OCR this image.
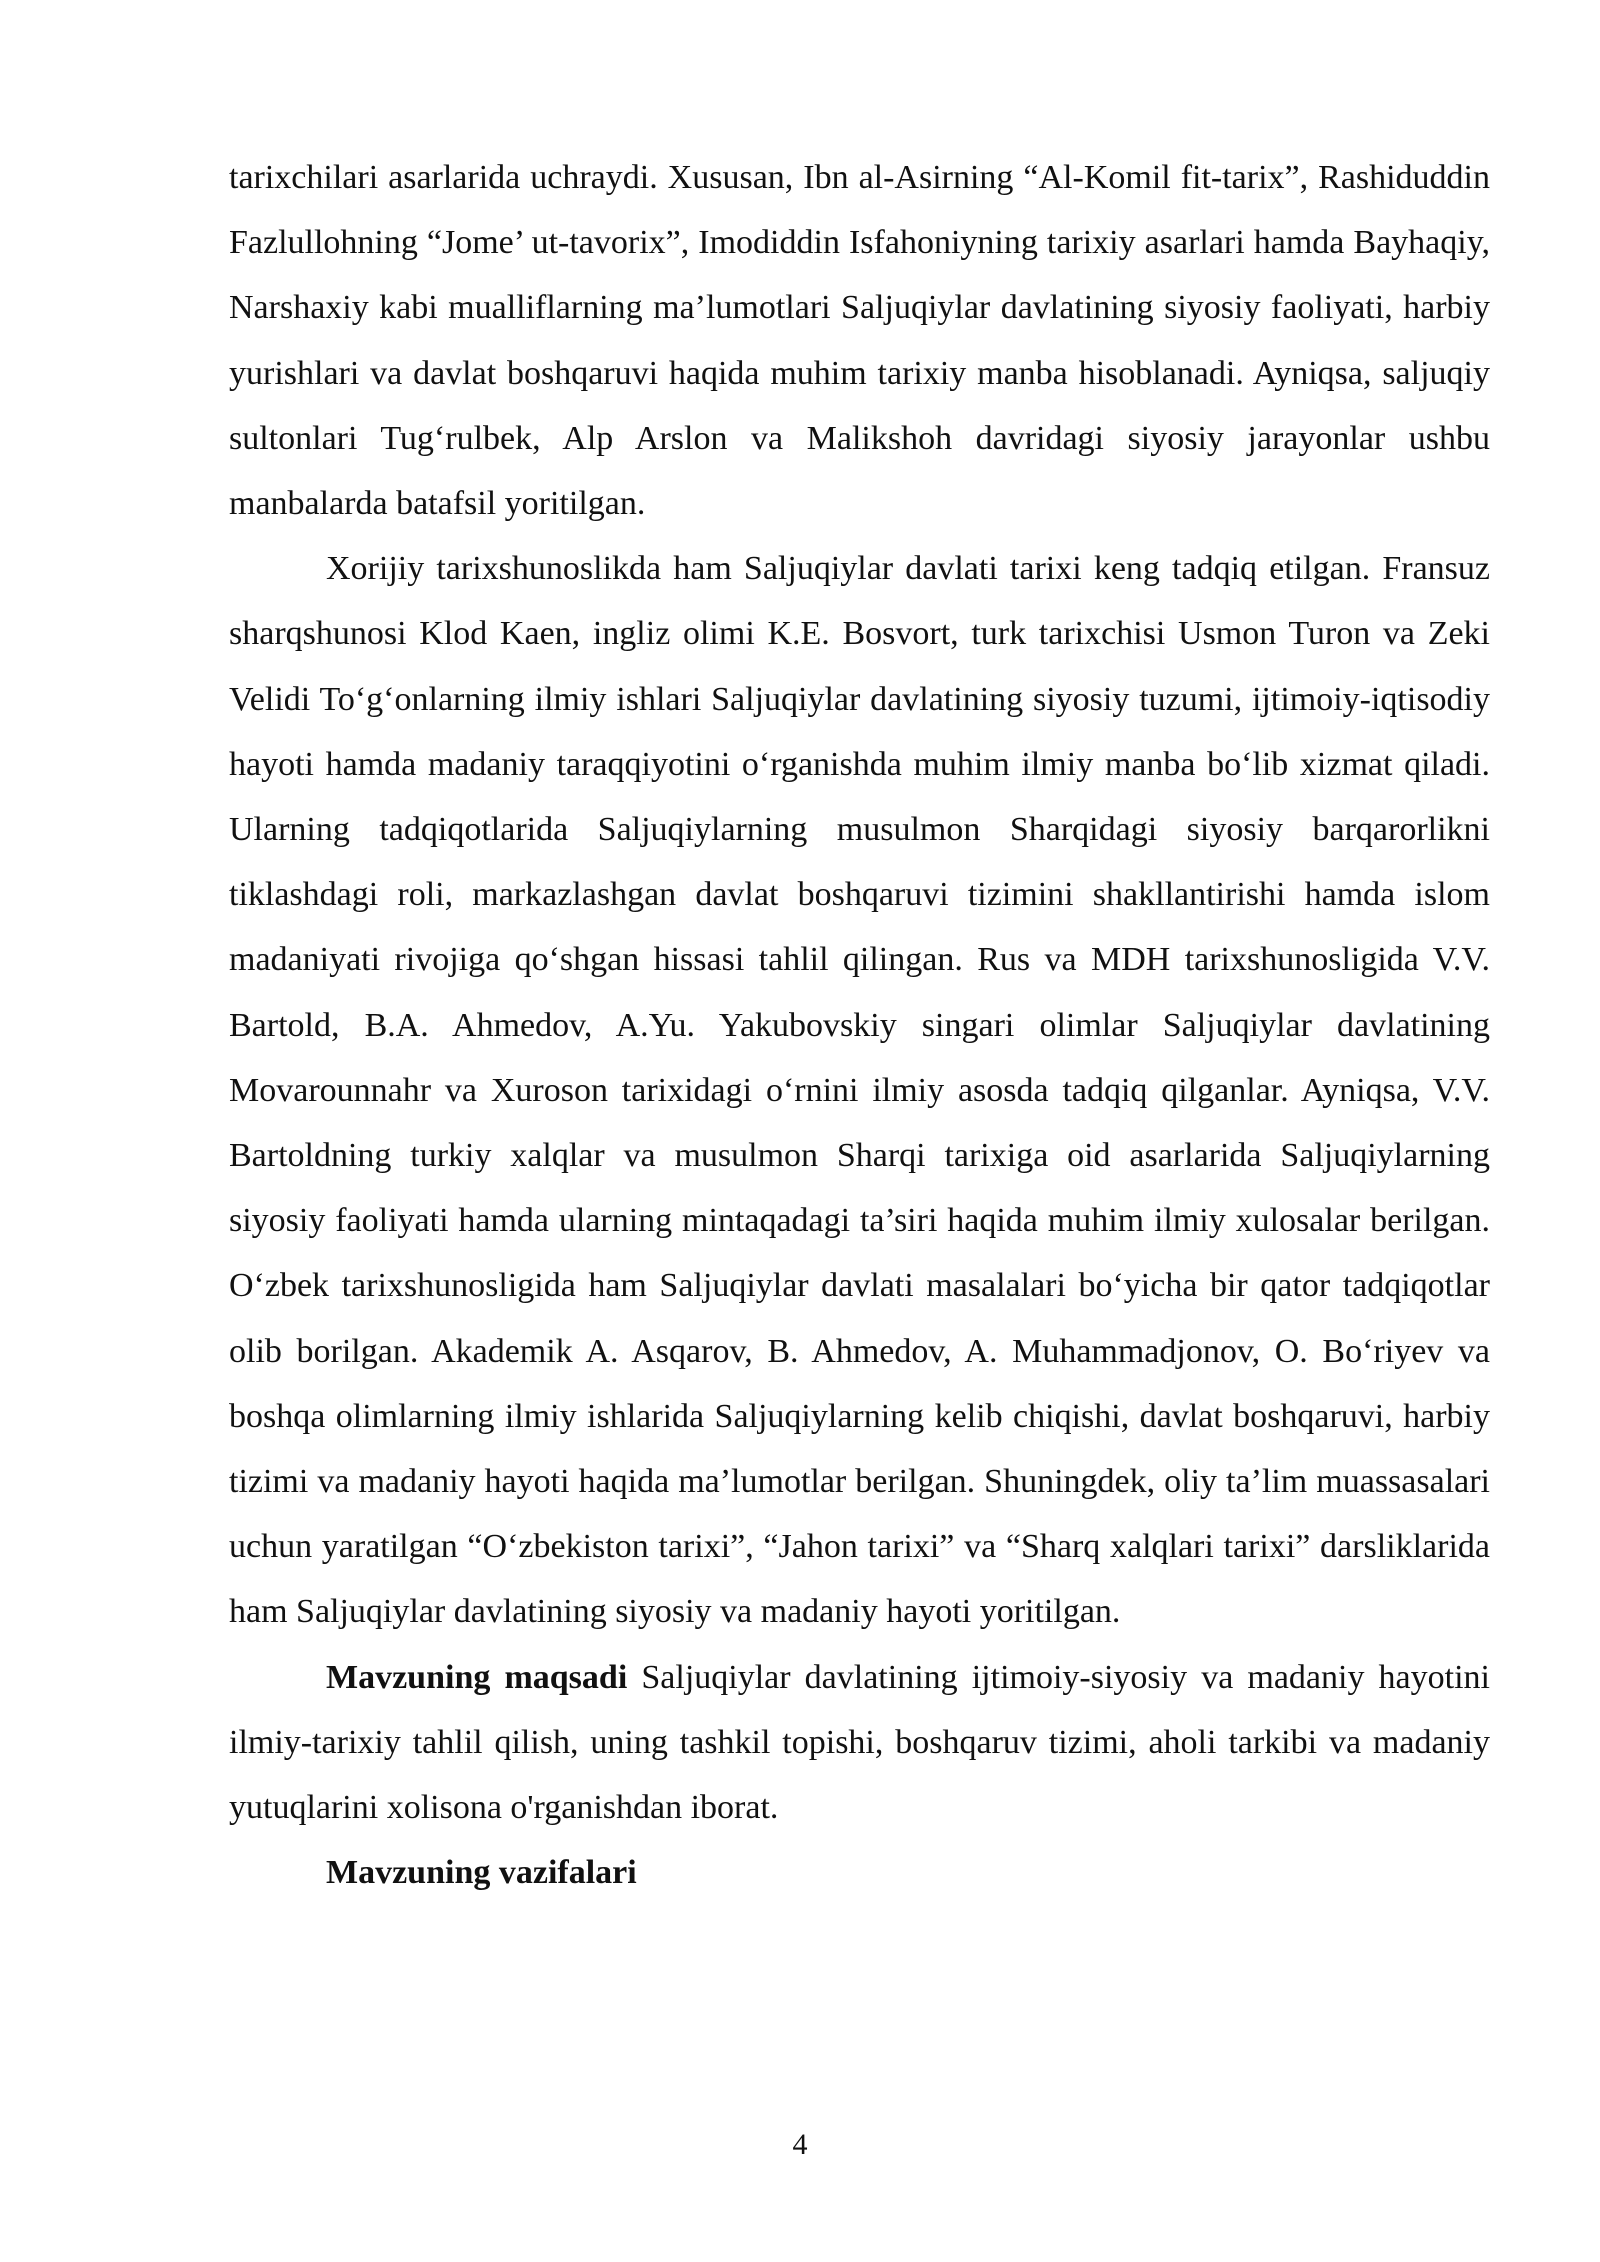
tarixchilari asarlarida uchraydi. Xususan, Ibn al-Asirning “Al-Komil fit-tarix”, Rashiduddin Fazlullohning “Jome’ ut-tavorix”, Imodiddin Isfahoniyning tarixiy asarlari hamda Bayhaqiy, Narshaxiy kabi mualliflarning ma’lumotlari Saljuqiylar davlatining siyosiy faoliyati, harbiy yurishlari va davlat boshqaruvi haqida muhim tarixiy manba hisoblanadi. Ayniqsa, saljuqiy sultonlari Tug‘rulbek, Alp Arslon va Malikshoh davridagi siyosiy jarayonlar ushbu manbalarda batafsil yoritilgan.

Xorijiy tarixshunoslikda ham Saljuqiylar davlati tarixi keng tadqiq etilgan. Fransuz sharqshunosi Klod Kaen, ingliz olimi K.E. Bosvort, turk tarixchisi Usmon Turon va Zeki Velidi To‘g‘onlarning ilmiy ishlari Saljuqiylar davlatining siyosiy tuzumi, ijtimoiy-iqtisodiy hayoti hamda madaniy taraqqiyotini o‘rganishda muhim ilmiy manba bo‘lib xizmat qiladi. Ularning tadqiqotlarida Saljuqiylarning musulmon Sharqidagi siyosiy barqarorlikni tiklashdagi roli, markazlashgan davlat boshqaruvi tizimini shakllantirishi hamda islom madaniyati rivojiga qo‘shgan hissasi tahlil qilingan. Rus va MDH tarixshunosligida V.V. Bartold, B.A. Ahmedov, A.Yu. Yakubovskiy singari olimlar Saljuqiylar davlatining Movarounnahr va Xuroson tarixidagi o‘rnini ilmiy asosda tadqiq qilganlar. Ayniqsa, V.V. Bartoldning turkiy xalqlar va musulmon Sharqi tarixiga oid asarlarida Saljuqiylarning siyosiy faoliyati hamda ularning mintaqadagi ta’siri haqida muhim ilmiy xulosalar berilgan. O‘zbek tarixshunosligida ham Saljuqiylar davlati masalalari bo‘yicha bir qator tadqiqotlar olib borilgan. Akademik A. Asqarov, B. Ahmedov, A. Muhammadjonov, O. Bo‘riyev va boshqa olimlarning ilmiy ishlarida Saljuqiylarning kelib chiqishi, davlat boshqaruvi, harbiy tizimi va madaniy hayoti haqida ma’lumotlar berilgan. Shuningdek, oliy ta’lim muassasalari uchun yaratilgan “O‘zbekiston tarixi”, “Jahon tarixi” va “Sharq xalqlari tarixi” darsliklarida ham Saljuqiylar davlatining siyosiy va madaniy hayoti yoritilgan.

Mavzuning maqsadi Saljuqiylar davlatining ijtimoiy-siyosiy va madaniy hayotini ilmiy-tarixiy tahlil qilish, uning tashkil topishi, boshqaruv tizimi, aholi tarkibi va madaniy yutuqlarini xolisona o'rganishdan iborat.

Mavzuning vazifalari

4
